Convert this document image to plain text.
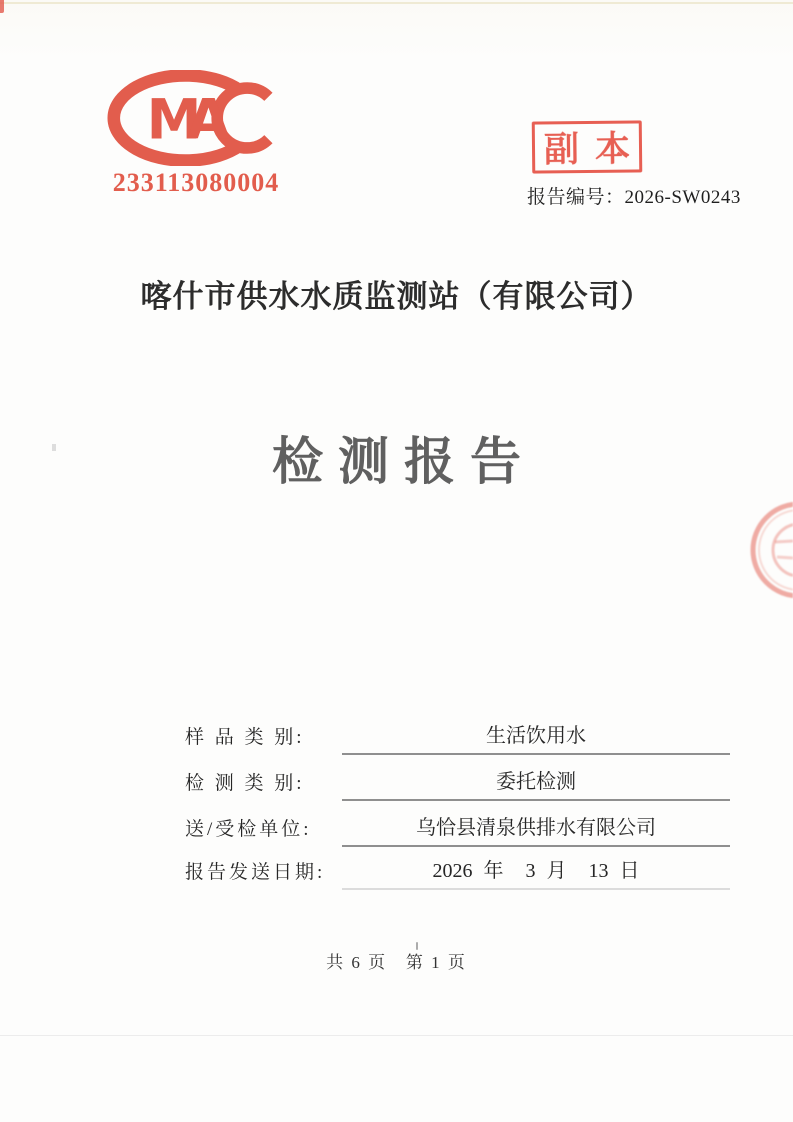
MA
233113080004
副 本
报告编号：2026-SW0243
喀什市供水水质监测站（有限公司）
检测报告
样 品 类 别:	生活饮用水
检 测 类 别:	委托检测
送/受检单位:	乌恰县清泉供排水有限公司
报告发送日期:	2026 年  3 月  13 日
共 6 页   第 1 页
